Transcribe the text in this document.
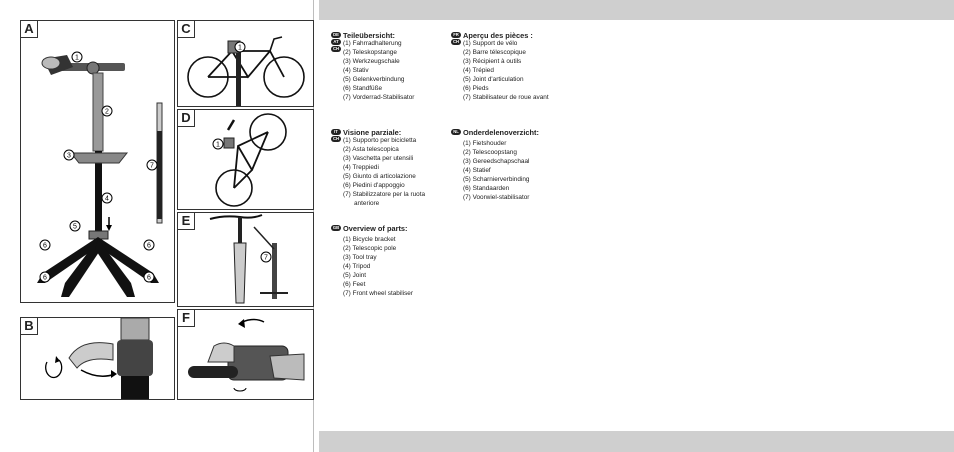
A
1
2
3
4
5
6	6
6	6
7
B
C
1
D
1
E
7
F
DE
AT
CH
Teileübersicht:
(1) Fahrradhalterung
(2) Teleskopstange
(3) Werkzeugschale
(4) Stativ
(5) Gelenkverbindung
(6) Standfüße
(7) Vorderrad-Stabilisator
FR
CH
Aperçu des pièces :
(1) Support de vélo
(2) Barre télescopique
(3) Récipient à outils
(4) Trépied
(5) Joint d'articulation
(6) Pieds
(7) Stabilisateur de roue avant
IT
CH
Visione parziale:
(1) Supporto per bicicletta
(2) Asta telescopica
(3) Vaschetta per utensili
(4) Treppiedi
(5) Giunto di articolazione
(6) Piedini d'appoggio
(7) Stabilizzatore per la ruota anteriore
NL Onderdelenoverzicht:
(1) Fietshouder
(2) Telescoopstang
(3) Gereedschapschaal
(4) Statief
(5) Scharnierverbinding
(6) Standaarden
(7) Voorwiel-stabilisator
GB Overview of parts:
(1) Bicycle bracket
(2) Telescopic pole
(3) Tool tray
(4) Tripod
(5) Joint
(6) Feet
(7) Front wheel stabiliser
